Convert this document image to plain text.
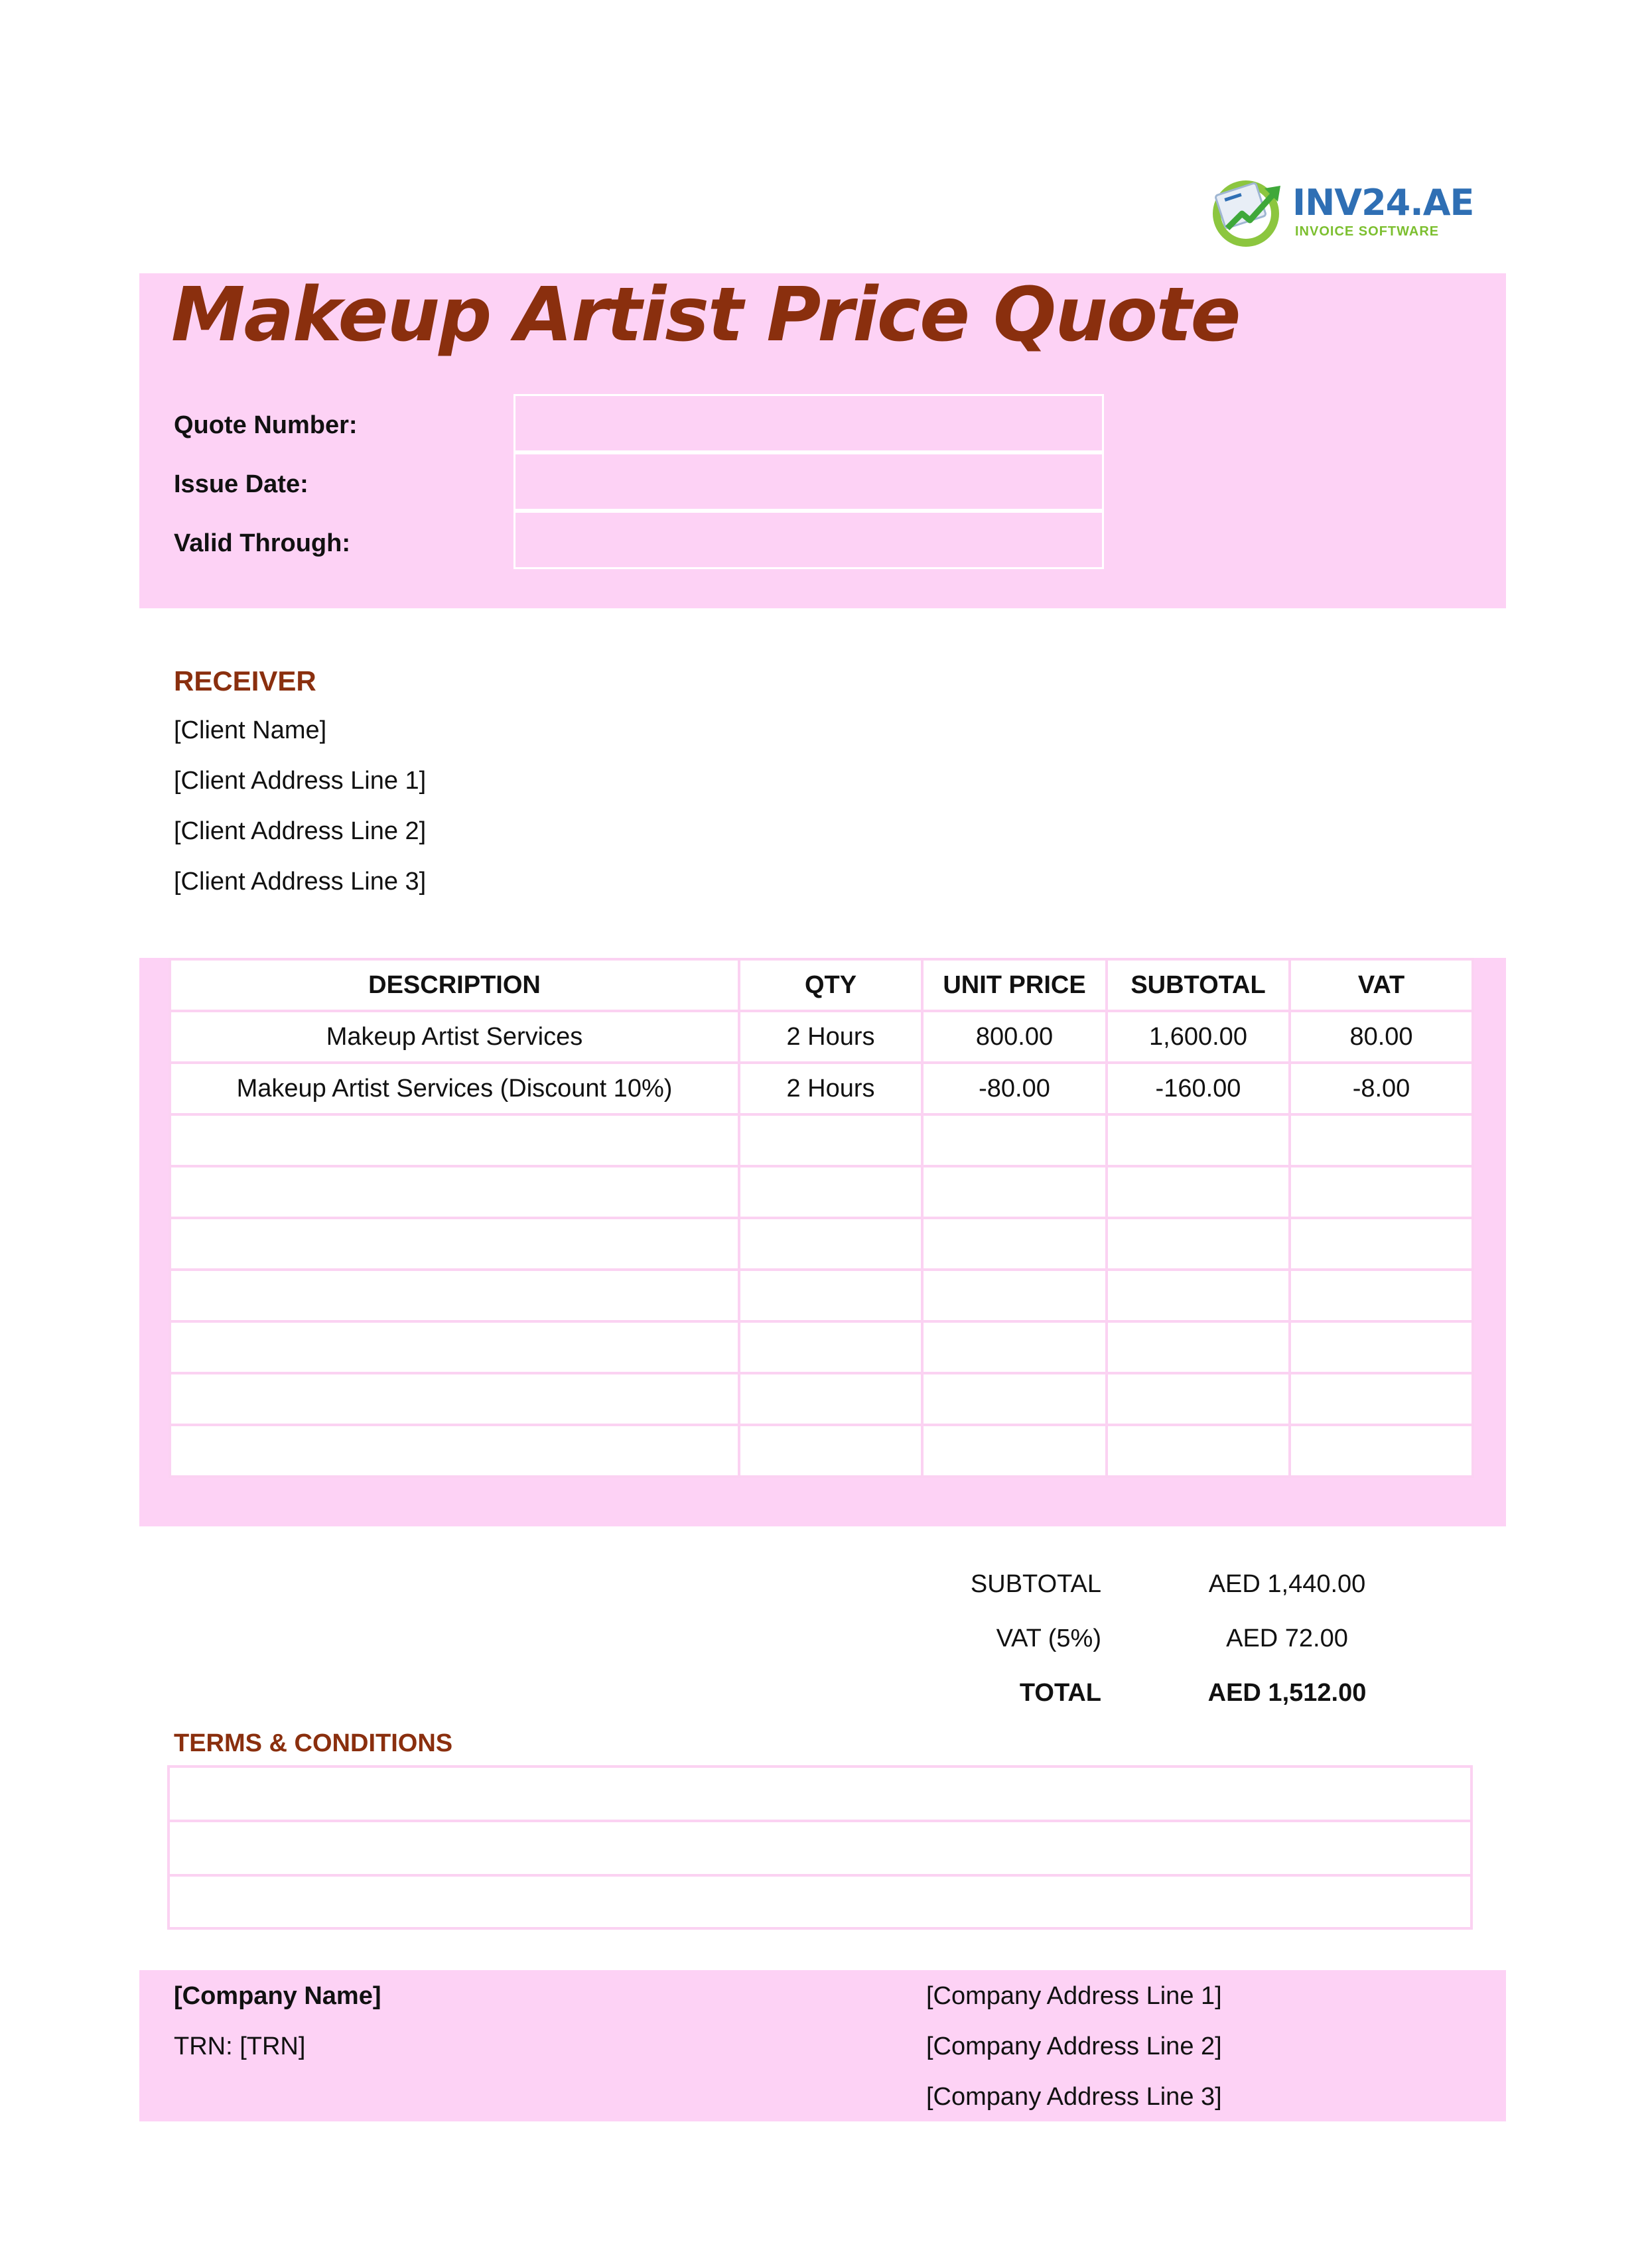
INV24.AE
INVOICE SOFTWARE
Makeup Artist Price Quote
Quote Number:
Issue Date:
Valid Through:
RECEIVER
[Client Name]
[Client Address Line 1]
[Client Address Line 2]
[Client Address Line 3]
DESCRIPTION	QTY	UNIT PRICE	SUBTOTAL	VAT
Makeup Artist Services	2 Hours	800.00	1,600.00	80.00
Makeup Artist Services (Discount 10%)	2 Hours	-80.00	-160.00	-8.00

SUBTOTAL	AED 1,440.00
VAT (5%)	AED 72.00
TOTAL	AED 1,512.00
TERMS & CONDITIONS
[Company Name]
TRN: [TRN]
[Company Address Line 1]
[Company Address Line 2]
[Company Address Line 3]
